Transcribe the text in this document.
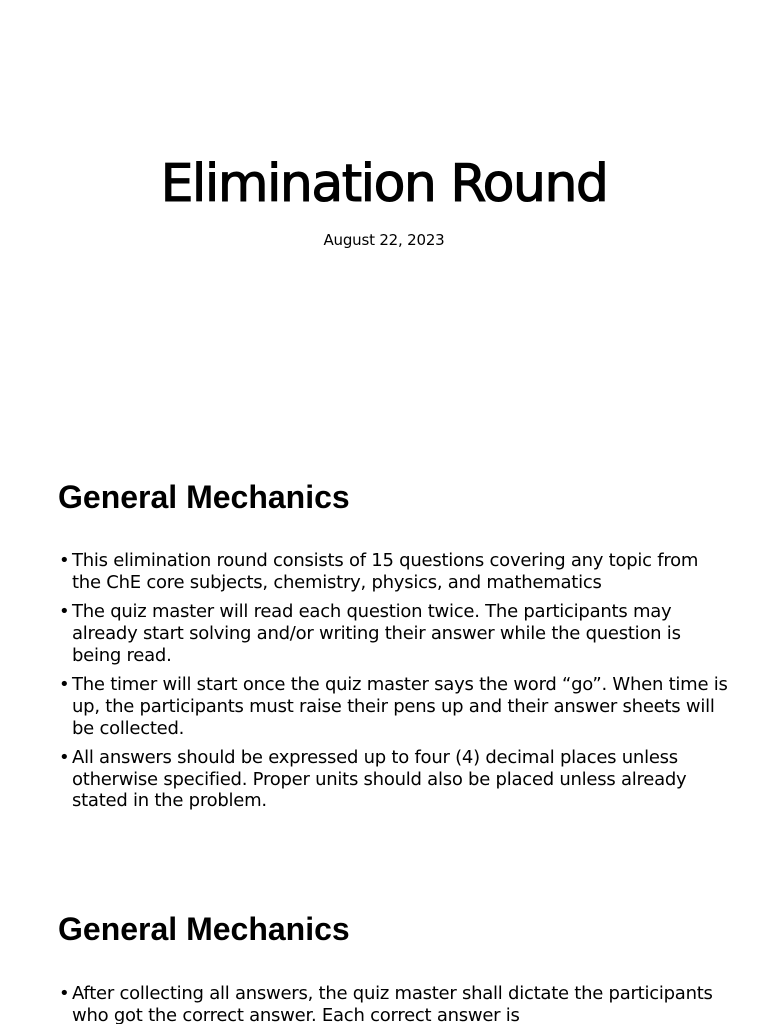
Elimination Round

August 22, 2023

General Mechanics
• This elimination round consists of 15 questions covering any topic from the ChE core subjects, chemistry, physics, and mathematics
• The quiz master will read each question twice. The participants may already start solving and/or writing their answer while the question is being read.
• The timer will start once the quiz master says the word “go”. When time is up, the participants must raise their pens up and their answer sheets will be collected.
• All answers should be expressed up to four (4) decimal places unless otherwise specified. Proper units should also be placed unless already stated in the problem.
General Mechanics
• After collecting all answers, the quiz master shall dictate the participants who got the correct answer. Each correct answer is
